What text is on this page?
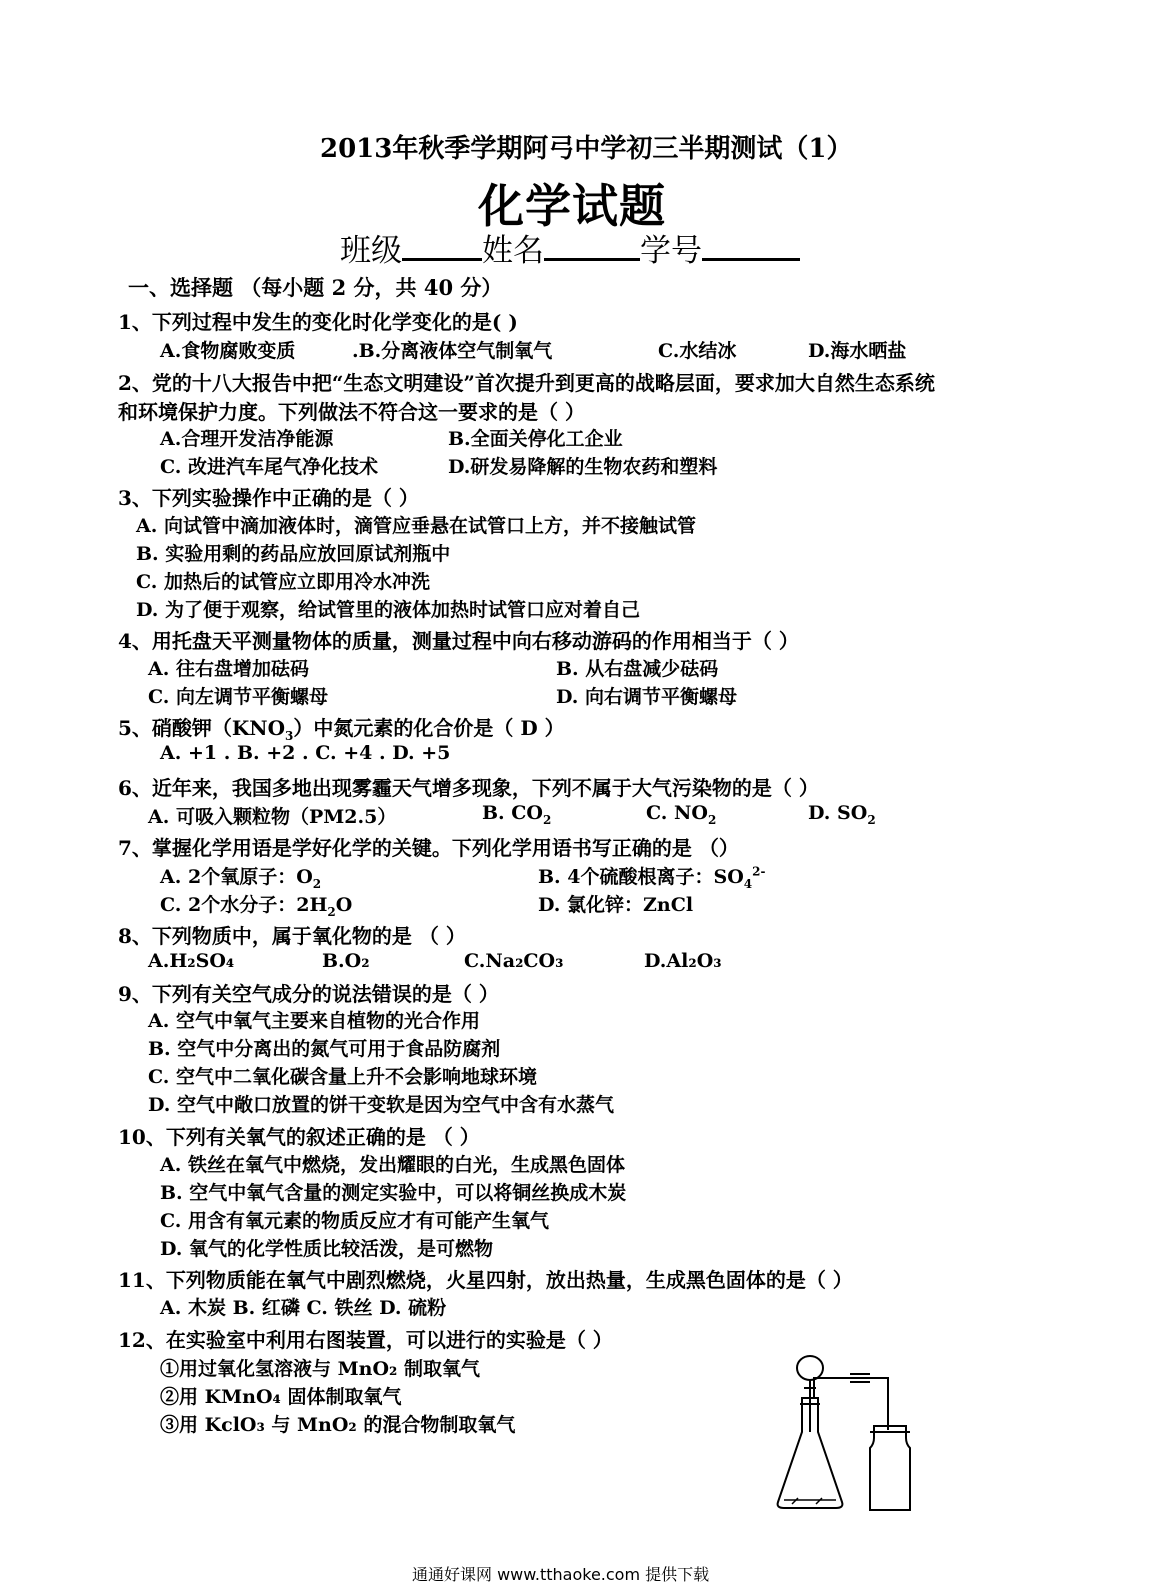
2013年秋季学期阿弓中学初三半期测试（1）
化学试题
班级	姓名	学号
一、选择题 （每小题 2 分，共 40 分）
1、下列过程中发生的变化时化学变化的是( )
A.食物腐败变质	.B.分离液体空气制氧气	C.水结冰	D.海水晒盐
2、党的十八大报告中把“生态文明建设”首次提升到更高的战略层面，要求加大自然生态系统
和环境保护力度。下列做法不符合这一要求的是（ ）
A.合理开发洁净能源	B.全面关停化工企业
C. 改进汽车尾气净化技术	D.研发易降解的生物农药和塑料
3、下列实验操作中正确的是（ ）
A. 向试管中滴加液体时，滴管应垂悬在试管口上方，并不接触试管
B. 实验用剩的药品应放回原试剂瓶中
C. 加热后的试管应立即用冷水冲洗
D. 为了便于观察，给试管里的液体加热时试管口应对着自己
4、用托盘天平测量物体的质量，测量过程中向右移动游码的作用相当于（ ）
A. 往右盘增加砝码	B. 从右盘减少砝码
C. 向左调节平衡螺母	D. 向右调节平衡螺母
5、硝酸钾$(KNO_3)$中氮元素的化合价是（ D ）
A. +1 . B. +2 . C. +4 . D. +5
6、近年来，我国多地出现雾霾天气增多现象，下列不属于大气污染物的是（ ）
A. 可吸入颗粒物（PM2.5）	B. $CO_2$	C. $NO_2$	D. $SO_2$
7、掌握化学用语是学好化学的关键。下列化学用语书写正确的是 （）
A. 2个氧原子：$O_2$	B. 4个硫酸根离子：$SO_4^{2-}$
C. 2个水分子：$2H_2O$	D. 氯化锌：ZnCl
8、下列物质中，属于氧化物的是 （ ）
A.H₂SO₄	B.O₂	C.Na₂CO₃	D.Al₂O₃
9、下列有关空气成分的说法错误的是（ ）
A. 空气中氧气主要来自植物的光合作用
B. 空气中分离出的氮气可用于食品防腐剂
C. 空气中二氧化碳含量上升不会影响地球环境
D. 空气中敞口放置的饼干变软是因为空气中含有水蒸气
10、下列有关氧气的叙述正确的是 （ ）
A. 铁丝在氧气中燃烧，发出耀眼的白光，生成黑色固体
B. 空气中氧气含量的测定实验中，可以将铜丝换成木炭
C. 用含有氧元素的物质反应才有可能产生氧气
D. 氧气的化学性质比较活泼，是可燃物
11、下列物质能在氧气中剧烈燃烧，火星四射，放出热量，生成黑色固体的是（ ）
A. 木炭 B. 红磷 C. 铁丝 D. 硫粉
12、在实验室中利用右图装置，可以进行的实验是（ ）
①用过氧化氢溶液与 MnO₂ 制取氧气
②用 KMnO₄ 固体制取氧气
③用 KclO₃ 与 MnO₂ 的混合物制取氧气
通通好课网 www.tthaoke.com 提供下载
